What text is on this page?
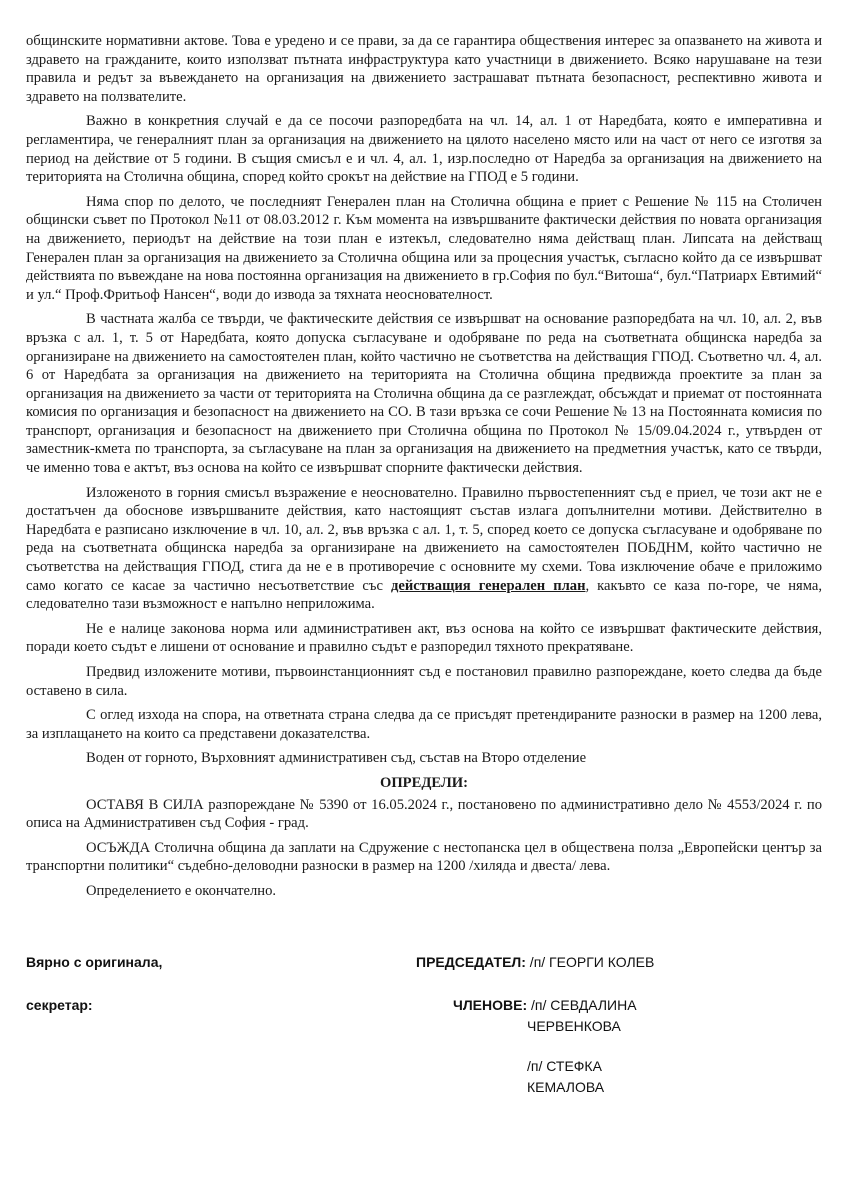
общинските нормативни актове. Това е уредено и се прави, за да се гарантира обществения интерес за опазването на живота и здравето на гражданите, които използват пътната инфраструктура като участници в движението. Всяко нарушаване на тези правила и редът за въвеждането на организация на движението застрашават пътната безопасност, респективно живота и здравето на ползвателите.

Важно в конкретния случай е да се посочи разпоредбата на чл. 14, ал. 1 от Наредбата, която е императивна и регламентира, че генералният план за организация на движението на цялото населено място или на част от него се изготвя за период на действие от 5 години. В същия смисъл е и чл. 4, ал. 1, изр.последно от Наредба за организация на движението на територията на Столична община, според който срокът на действие на ГПОД е 5 години.

Няма спор по делото, че последният Генерален план на Столична община е приет с Решение № 115 на Столичен общински съвет по Протокол №11 от 08.03.2012 г. Към момента на извършваните фактически действия по новата организация на движението, периодът на действие на този план е изтекъл, следователно няма действащ план. Липсата на действащ Генерален план за организация на движението за Столична община или за процесния участък, съгласно който да се извършват действията по въвеждане на нова постоянна организация на движението в гр.София по бул.“Витоша“, бул.“Патриарх Евтимий“ и ул.“ Проф.Фритьоф Нансен“, води до извода за тяхната неоснователност.

В частната жалба се твърди, че фактическите действия се извършват на основание разпоредбата на чл. 10, ал. 2, във връзка с ал. 1, т. 5 от Наредбата, която допуска съгласуване и одобряване по реда на съответната общинска наредба за организиране на движението на самостоятелен план, който частично не съответства на действащия ГПОД. Съответно чл. 4, ал. 6 от Наредбата за организация на движението на територията на Столична община предвижда проектите за план за организация на движението за части от територията на Столична община да се разглеждат, обсъждат и приемат от постоянната комисия по организация и безопасност на движението на СО. В тази връзка се сочи Решение № 13 на Постоянната комисия по транспорт, организация и безопасност на движението при Столична община по Протокол № 15/09.04.2024 г., утвърден от заместник-кмета по транспорта, за съгласуване на план за организация на движението на предметния участък, като се твърди, че именно това е актът, въз основа на който се извършват спорните фактически действия.

Изложеното в горния смисъл възражение е неоснователно. Правилно първостепенният съд е приел, че този акт не е достатъчен да обоснове извършваните действия, като настоящият състав излага допълнителни мотиви. Действително в Наредбата е разписано изключение в чл. 10, ал. 2, във връзка с ал. 1, т. 5, според което се допуска съгласуване и одобряване по реда на съответната общинска наредба за организиране на движението на самостоятелен ПОБДНМ, който частично не съответства на действащия ГПОД, стига да не е в противоречие с основните му схеми. Това изключение обаче е приложимо само когато се касае за частично несъответствие със действащия генерален план, какъвто се каза по-горе, че няма, следователно тази възможност е напълно неприложима.

Не е налице законова норма или административен акт, въз основа на който се извършват фактическите действия, поради което съдът е лишени от основание и правилно съдът е разпоредил тяхното прекратяване.

Предвид изложените мотиви, първоинстанционният съд е постановил правилно разпореждане, което следва да бъде оставено в сила.

С оглед изхода на спора, на ответната страна следва да се присъдят претендираните разноски в размер на 1200 лева, за изплащането на които са представени доказателства.

Воден от горното, Върховният административен съд, състав на Второ отделение

ОПРЕДЕЛИ:

ОСТАВЯ В СИЛА разпореждане № 5390 от 16.05.2024 г., постановено по административно дело № 4553/2024 г. по описа на Административен съд София - град.

ОСЪЖДА Столична община да заплати на Сдружение с нестопанска цел в обществена полза „Европейски център за транспортни политики“ съдебно-деловодни разноски в размер на 1200 /хиляда и двеста/ лева.

Определението е окончателно.

Вярно с оригинала,
секретар:
ПРЕДСЕДАТЕЛ: /п/ ГЕОРГИ КОЛЕВ
ЧЛЕНОВЕ: /п/ СЕВДАЛИНА
ЧЕРВЕНКОВА
/п/ СТЕФКА
КЕМАЛОВА
